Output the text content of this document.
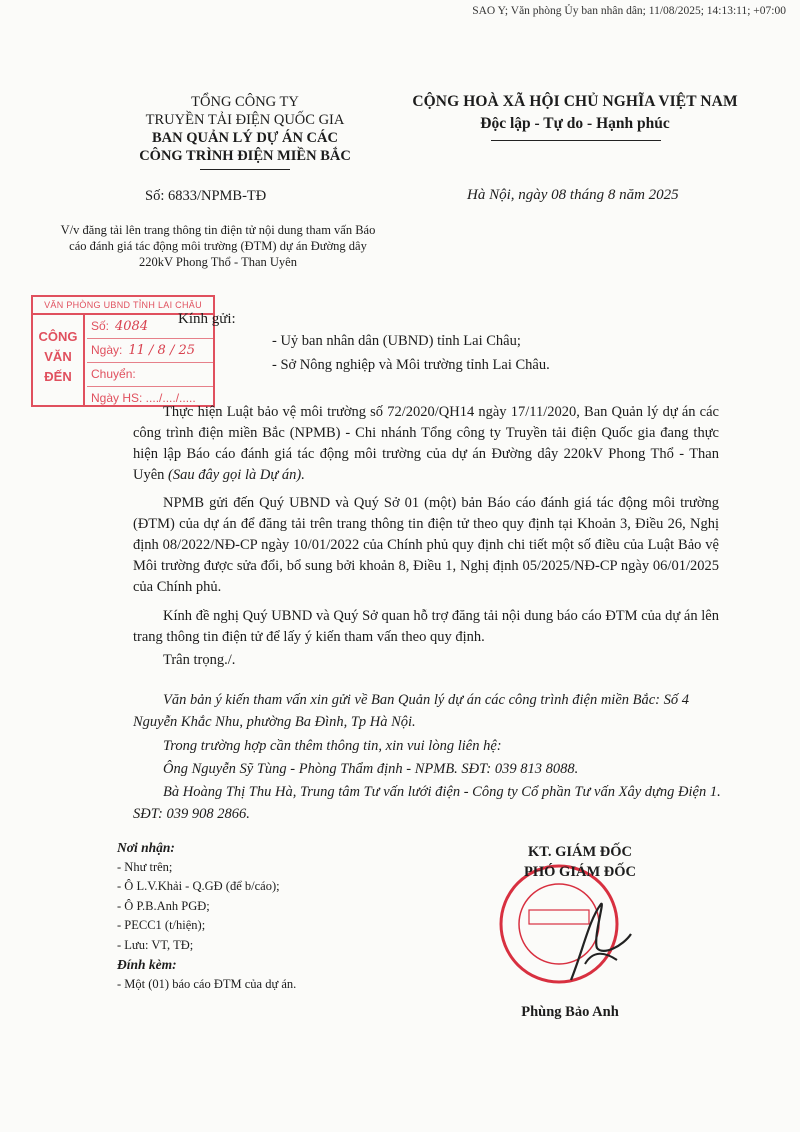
SAO Y; Văn phòng Ủy ban nhân dân; 11/08/2025; 14:13:11; +07:00
TỔNG CÔNG TY
TRUYỀN TẢI ĐIỆN QUỐC GIA
BAN QUẢN LÝ DỰ ÁN CÁC
CÔNG TRÌNH ĐIỆN MIỀN BẮC
CỘNG HOÀ XÃ HỘI CHỦ NGHĨA VIỆT NAM
Độc lập - Tự do - Hạnh phúc
Số: 6833/NPMB-TĐ	Hà Nội, ngày 08 tháng 8 năm 2025
V/v đăng tải lên trang thông tin điện tử nội dung tham vấn Báo cáo đánh giá tác động môi trường (ĐTM) dự án Đường dây 220kV Phong Thổ - Than Uyên
VĂN PHÒNG UBND TỈNH LAI CHÂU
CÔNG
VĂN
ĐẾN
Số: 4084
Ngày: 11 / 8 / 25
Chuyển:
Ngày HS: ..../..../.....
Kính gửi:
- Uỷ ban nhân dân (UBND) tỉnh Lai Châu;
- Sở Nông nghiệp và Môi trường tỉnh Lai Châu.
Thực hiện Luật bảo vệ môi trường số 72/2020/QH14 ngày 17/11/2020, Ban Quản lý dự án các công trình điện miền Bắc (NPMB) - Chi nhánh Tổng công ty Truyền tải điện Quốc gia đang thực hiện lập Báo cáo đánh giá tác động môi trường của dự án Đường dây 220kV Phong Thổ - Than Uyên (Sau đây gọi là Dự án).
NPMB gửi đến Quý UBND và Quý Sở 01 (một) bản Báo cáo đánh giá tác động môi trường (ĐTM) của dự án để đăng tải trên trang thông tin điện tử theo quy định tại Khoản 3, Điều 26, Nghị định 08/2022/NĐ-CP ngày 10/01/2022 của Chính phủ quy định chi tiết một số điều của Luật Bảo vệ Môi trường được sửa đổi, bổ sung bởi khoản 8, Điều 1, Nghị định 05/2025/NĐ-CP ngày 06/01/2025 của Chính phủ.
Kính đề nghị Quý UBND và Quý Sở quan hỗ trợ đăng tải nội dung báo cáo ĐTM của dự án lên trang thông tin điện tử để lấy ý kiến tham vấn theo quy định.
Trân trọng./.
Văn bản ý kiến tham vấn xin gửi về Ban Quản lý dự án các công trình điện miền Bắc: Số 4 Nguyễn Khắc Nhu, phường Ba Đình, Tp Hà Nội.
Trong trường hợp cần thêm thông tin, xin vui lòng liên hệ:
Ông Nguyễn Sỹ Tùng - Phòng Thẩm định - NPMB. SĐT: 039 813 8088.
Bà Hoàng Thị Thu Hà, Trung tâm Tư vấn lưới điện - Công ty Cổ phần Tư vấn Xây dựng Điện 1. SĐT: 039 908 2866.
Nơi nhận:
- Như trên;
- Ô L.V.Khải - Q.GĐ (để b/cáo);
- Ô P.B.Anh PGĐ;
- PECC1 (t/hiện);
- Lưu: VT, TĐ;
Đính kèm:
- Một (01) báo cáo ĐTM của dự án.
KT. GIÁM ĐỐC
PHÓ GIÁM ĐỐC
Phùng Bảo Anh
